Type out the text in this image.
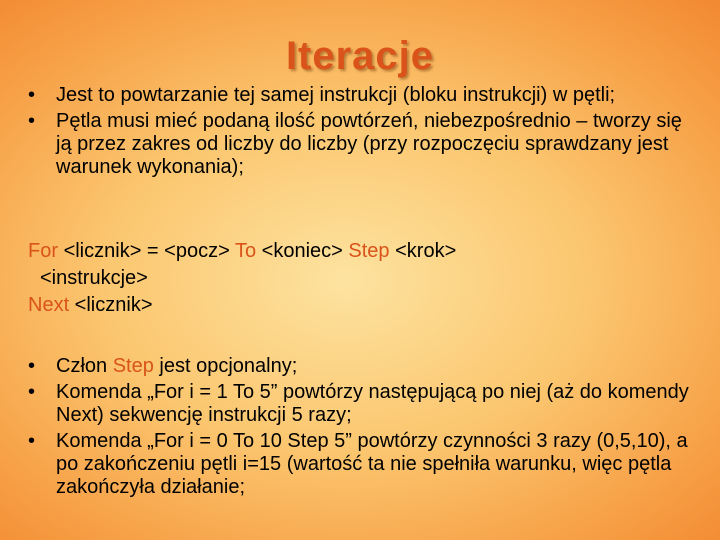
Iteracje
• Jest to powtarzanie tej samej instrukcji (bloku instrukcji) w pętli;
• Pętla musi mieć podaną ilość powtórzeń, niebezpośrednio – tworzy się ją przez zakres od liczby do liczby (przy rozpoczęciu sprawdzany jest warunek wykonania);
For <licznik> = <pocz> To <koniec> Step <krok>
<instrukcje>
Next <licznik>
• Człon Step jest opcjonalny;
• Komenda „For i = 1 To 5” powtórzy następującą po niej (aż do komendy Next) sekwencję instrukcji 5 razy;
• Komenda „For i = 0 To 10 Step 5” powtórzy czynności 3 razy (0,5,10), a po zakończeniu pętli i=15 (wartość ta nie spełniła warunku, więc pętla zakończyła działanie;
